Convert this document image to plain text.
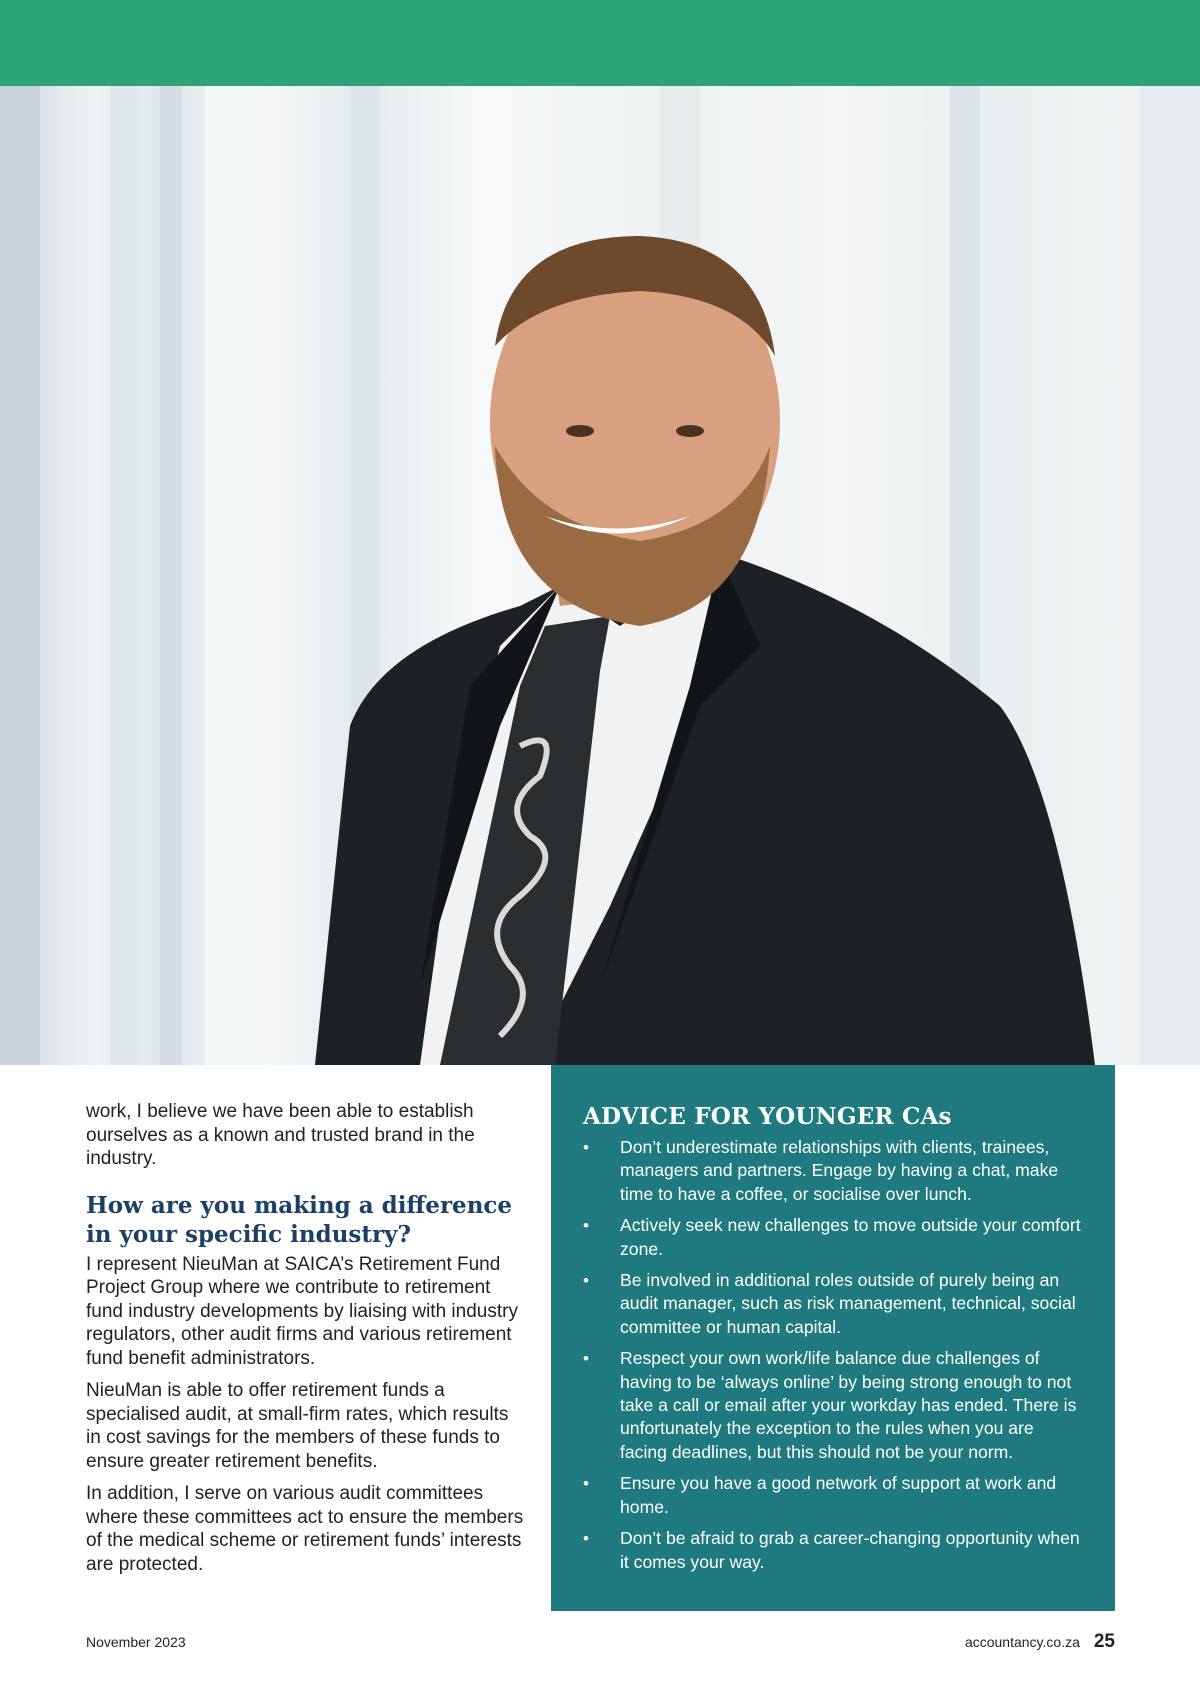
work, I believe we have been able to establish ourselves as a known and trusted brand in the industry.

How are you making a difference in your specific industry?

I represent NieuMan at SAICA’s Retirement Fund Project Group where we contribute to retirement fund industry developments by liaising with industry regulators, other audit firms and various retirement fund benefit administrators.

NieuMan is able to offer retirement funds a specialised audit, at small-firm rates, which results in cost savings for the members of these funds to ensure greater retirement benefits.

In addition, I serve on various audit committees where these committees act to ensure the members of the medical scheme or retirement funds’ interests are protected.

ADVICE FOR YOUNGER CAs
• Don’t underestimate relationships with clients, trainees, managers and partners. Engage by having a chat, make time to have a coffee, or socialise over lunch.
• Actively seek new challenges to move outside your comfort zone.
• Be involved in additional roles outside of purely being an audit manager, such as risk management, technical, social committee or human capital.
• Respect your own work/life balance due challenges of having to be ‘always online’ by being strong enough to not take a call or email after your workday has ended. There is unfortunately the exception to the rules when you are facing deadlines, but this should not be your norm.
• Ensure you have a good network of support at work and home.
• Don’t be afraid to grab a career-changing opportunity when it comes your way.
November 2023	accountancy.co.za 25
